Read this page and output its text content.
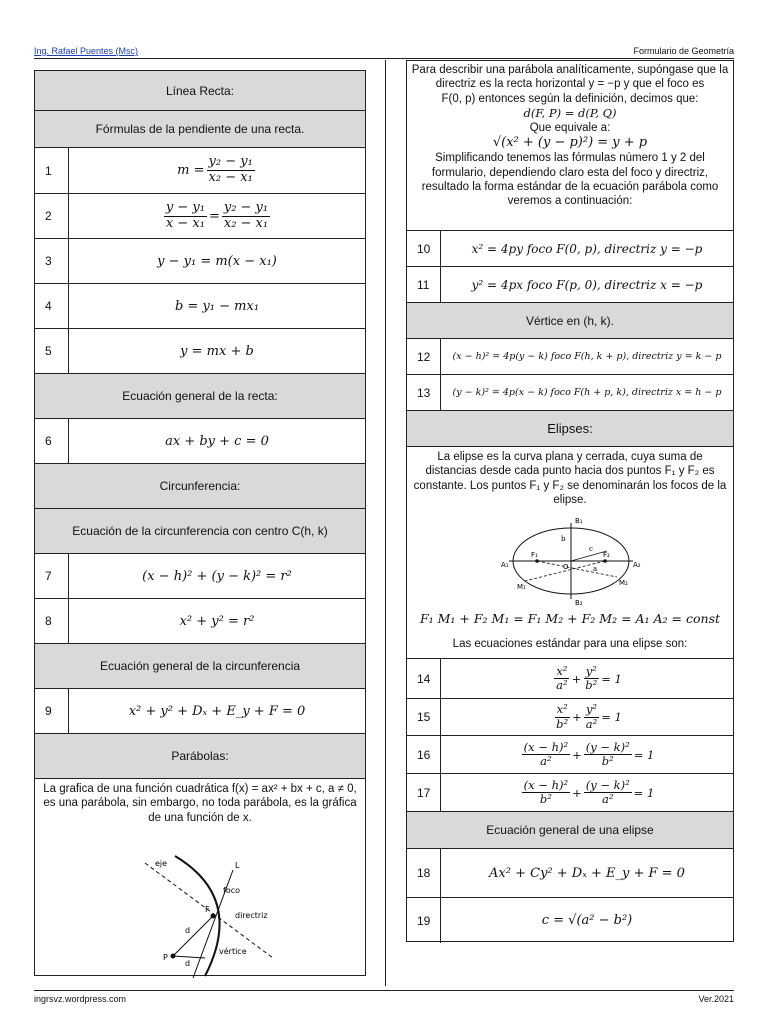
Ing. Rafael Puentes (Msc)	Formulario de Geometría
Línea Recta:
Fórmulas de la pendiente de una recta.
1	$m = \frac{\text{y₂ − y₁}}{\text{x₂ − x₁}}$
2	$\frac{\text{y − y₁}}{\text{x − x₁}} = \frac{\text{y₂ − y₁}}{\text{x₂ − x₁}}$
3	y − y₁ = m(x − x₁)
4	b = y₁ − mx₁
5	y = mx + b
Ecuación general de la recta:
6	ax + by + c = 0
Circunferencia:
Ecuación de la circunferencia con centro C(h, k)
7	(x − h)² + (y − k)² = r²
8	x² + y² = r²
Ecuación general de la circunferencia
9	x² + y² + Dₓ + E_y + F = 0
Parábolas:
La grafica de una función cuadrática f(x) = ax² + bx + c, a ≠ 0, es una parábola, sin embargo, no toda parábola, es la gráfica de una función de x.
eje
foco
F
L
directriz
d
d
P
vértice
Para describir una parábola analíticamente, supóngase que la
directriz es la recta horizontal y = −p y que el foco es
F(0, p) entonces según la definición, decimos que:
d(F, P) = d(P, Q)
Que equivale a:
√(x² + (y − p)²) = y + p
Simplificando tenemos las fórmulas número 1 y 2 del
formulario, dependiendo claro esta del foco y directriz,
resultado la forma estándar de la ecuación parábola como
veremos a continuación:
10	x² = 4py foco F(0, p), directriz y = −p
11	y² = 4px foco F(p, 0), directriz x = −p
Vértice en (h, k).
12	(x − h)² = 4p(y − k) foco F(h, k + p), directriz y = k − p
13	(y − k)² = 4p(x − k) foco F(h + p, k), directriz x = h − p
Elipses:
La elipse es la curva plana y cerrada, cuya suma de distancias desde cada punto hacia dos puntos F₁ y F₂ es constante. Los puntos F₁ y F₂ se denominarán los focos de la elipse.
B₁
B₂
A₁	A₂
F₁	F₂
M₁	M₂
O
b
c
a
F₁ M₁ + F₂ M₁ = F₁ M₂ + F₂ M₂ = A₁ A₂ = const
Las ecuaciones estándar para una elipse son:
14	$\frac{\text{x²}}{\text{a²}} + \frac{\text{y²}}{\text{b²}} = 1$
15	$\frac{\text{x²}}{\text{b²}} + \frac{\text{y²}}{\text{a²}} = 1$
16	$\frac{\text{(x − h)²}}{\text{a²}} + \frac{\text{(y − k)²}}{\text{b²}} = 1$
17	$\frac{\text{(x − h)²}}{\text{b²}} + \frac{\text{(y − k)²}}{\text{a²}} = 1$
Ecuación general de una elipse
18	Ax² + Cy² + Dₓ + E_y + F = 0
19	c = √(a² − b²)
ingrsvz.wordpress.com	Ver.2021
